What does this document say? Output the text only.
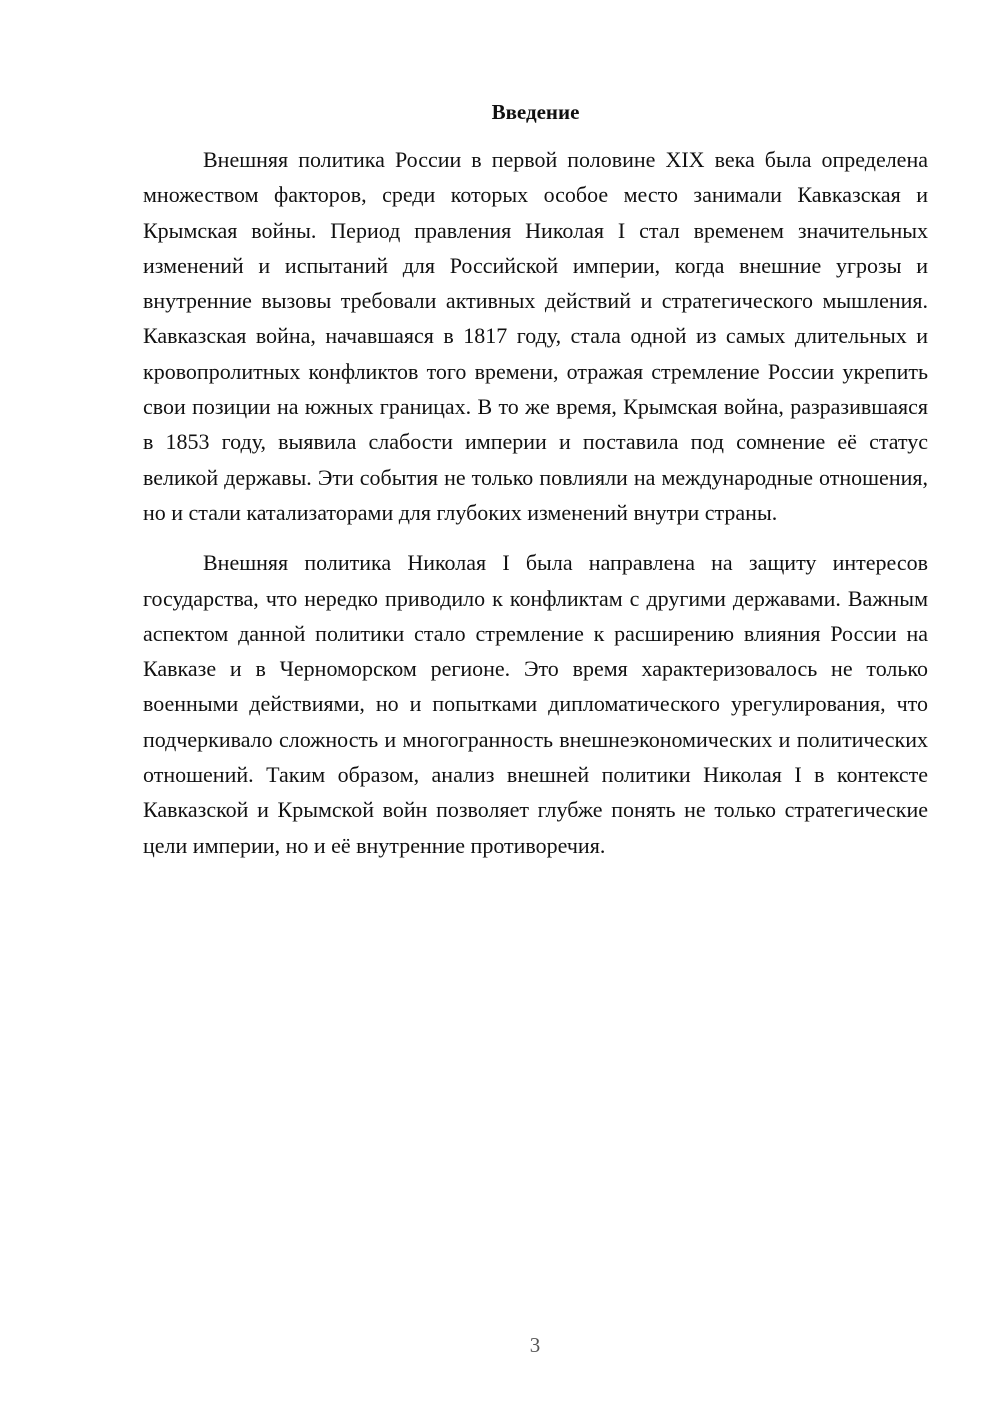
Введение

Внешняя политика России в первой половине XIX века была определена множеством факторов, среди которых особое место занимали Кавказская и Крымская войны. Период правления Николая I стал временем значительных изменений и испытаний для Российской империи, когда внешние угрозы и внутренние вызовы требовали активных действий и стратегического мышления. Кавказская война, начавшаяся в 1817 году, стала одной из самых длительных и кровопролитных конфликтов того времени, отражая стремление России укрепить свои позиции на южных границах. В то же время, Крымская война, разразившаяся в 1853 году, выявила слабости империи и поставила под сомнение её статус великой державы. Эти события не только повлияли на международные отношения, но и стали катализаторами для глубоких изменений внутри страны.

Внешняя политика Николая I была направлена на защиту интересов государства, что нередко приводило к конфликтам с другими державами. Важным аспектом данной политики стало стремление к расширению влияния России на Кавказе и в Черноморском регионе. Это время характеризовалось не только военными действиями, но и попытками дипломатического урегулирования, что подчеркивало сложность и многогранность внешнеэкономических и политических отношений. Таким образом, анализ внешней политики Николая I в контексте Кавказской и Крымской войн позволяет глубже понять не только стратегические цели империи, но и её внутренние противоречия.

3
